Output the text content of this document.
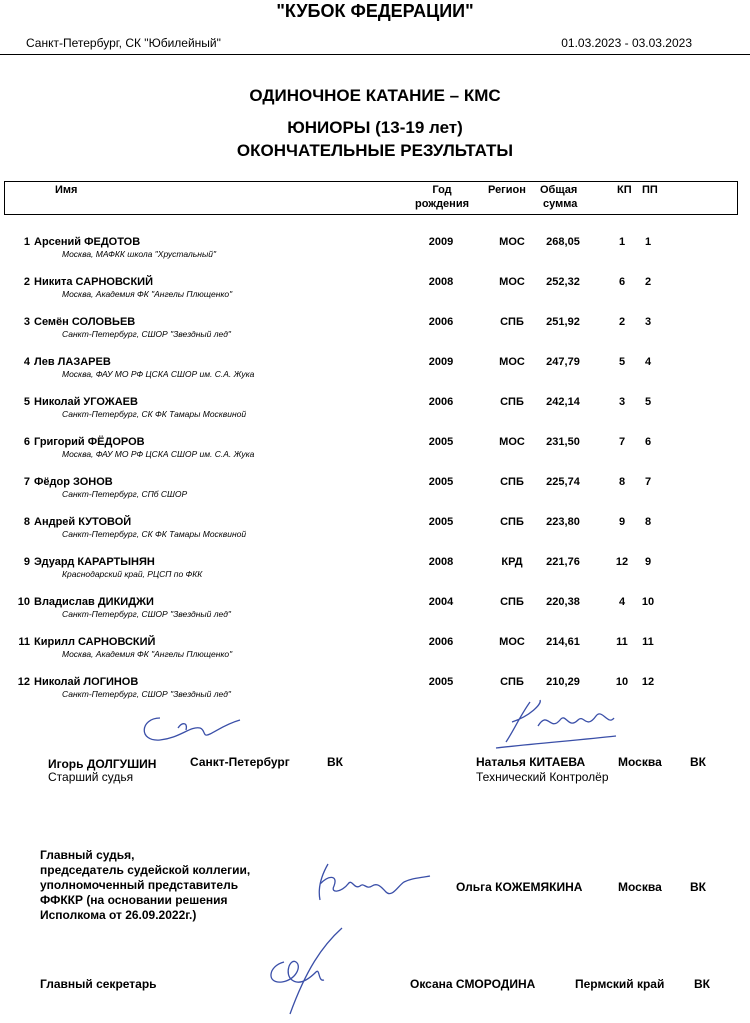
"КУБОК ФЕДЕРАЦИИ"
Санкт-Петербург, СК "Юбилейный"	01.03.2023 - 03.03.2023
ОДИНОЧНОЕ КАТАНИЕ – КМС
ЮНИОРЫ (13-19 лет)
ОКОНЧАТЕЛЬНЫЕ РЕЗУЛЬТАТЫ
Имя	Год
рождения
Регион Общая
сумма
КП ПП
1 Арсений ФЕДОТОВ
Москва, МАФКК школа "Хрустальный"
2009	МОС	268,05	1	1
2 Никита САРНОВСКИЙ
Москва, Академия ФК "Ангелы Плющенко"
2008	МОС	252,32	6	2
3 Семён СОЛОВЬЕВ
Санкт-Петербург, СШОР "Звездный лед"
2006	СПБ	251,92	2	3
4 Лев ЛАЗАРЕВ
Москва, ФАУ МО РФ ЦСКА СШОР им. С.А. Жука
2009	МОС	247,79	5	4
5 Николай УГОЖАЕВ
Санкт-Петербург, СК ФК Тамары Москвиной
2006	СПБ	242,14	3	5
6 Григорий ФЁДОРОВ
Москва, ФАУ МО РФ ЦСКА СШОР им. С.А. Жука
2005	МОС	231,50	7	6
7 Фёдор ЗОНОВ
Санкт-Петербург, СПб СШОР
2005	СПБ	225,74	8	7
8 Андрей КУТОВОЙ
Санкт-Петербург, СК ФК Тамары Москвиной
2005	СПБ	223,80	9	8
9 Эдуард КАРАРТЫНЯН
Краснодарский край, РЦСП по ФКК
2008	КРД	221,76	12	9
10 Владислав ДИКИДЖИ
Санкт-Петербург, СШОР "Звездный лед"
2004	СПБ	220,38	4	10
11 Кирилл САРНОВСКИЙ
Москва, Академия ФК "Ангелы Плющенко"
2006	МОС	214,61	11	11
12 Николай ЛОГИНОВ
Санкт-Петербург, СШОР "Звездный лед"
2005	СПБ	210,29	10	12
Игорь ДОЛГУШИН	Санкт-Петербург	ВК
Старший судья
Наталья КИТАЕВА	Москва ВК
Технический Контролёр
Главный судья,
председатель судейской коллегии,
уполномоченный представитель
ФФККР (на основании решения
Исполкома от 26.09.2022г.)
Ольга КОЖЕМЯКИНА	Москва ВК
Главный секретарь	Оксана СМОРОДИНА	Пермский край ВК
